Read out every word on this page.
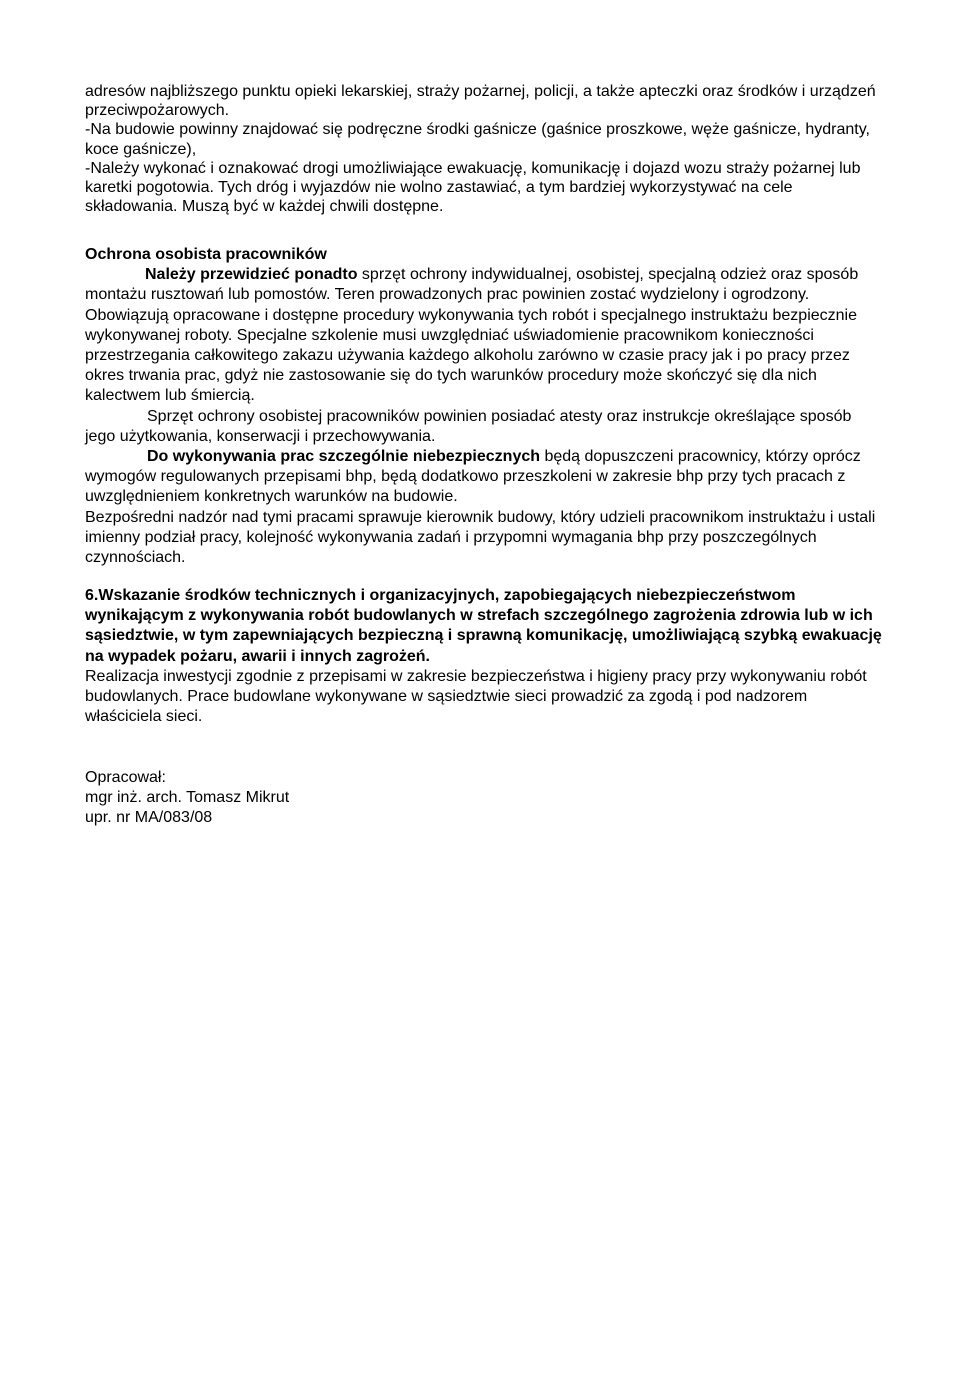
adresów najbliższego punktu opieki lekarskiej, straży pożarnej, policji, a także apteczki oraz środków i urządzeń przeciwpożarowych.

-Na budowie powinny znajdować się podręczne środki gaśnicze (gaśnice proszkowe, węże gaśnicze, hydranty, koce gaśnicze),

-Należy wykonać i oznakować drogi umożliwiające ewakuację, komunikację i dojazd wozu straży pożarnej lub karetki pogotowia. Tych dróg i wyjazdów nie wolno zastawiać, a tym bardziej wykorzystywać na cele składowania. Muszą być w każdej chwili dostępne.

Ochrona osobista pracowników

Należy przewidzieć ponadto sprzęt ochrony indywidualnej, osobistej, specjalną odzież oraz sposób montażu rusztowań lub pomostów. Teren prowadzonych prac powinien zostać wydzielony i ogrodzony. Obowiązują opracowane i dostępne procedury wykonywania tych robót i specjalnego instruktażu bezpiecznie wykonywanej roboty. Specjalne szkolenie musi uwzględniać uświadomienie pracownikom konieczności przestrzegania całkowitego zakazu używania każdego alkoholu zarówno w czasie pracy jak i po pracy przez okres trwania prac, gdyż nie zastosowanie się do tych warunków procedury może skończyć się dla nich kalectwem lub śmiercią.

Sprzęt ochrony osobistej pracowników powinien posiadać atesty oraz instrukcje określające sposób jego użytkowania, konserwacji i przechowywania.

Do wykonywania prac szczególnie niebezpiecznych będą dopuszczeni pracownicy, którzy oprócz wymogów regulowanych przepisami bhp, będą dodatkowo przeszkoleni w zakresie bhp przy tych pracach z uwzględnieniem konkretnych warunków na budowie.

Bezpośredni nadzór nad tymi pracami sprawuje kierownik budowy, który udzieli pracownikom instruktażu i ustali imienny podział pracy, kolejność wykonywania zadań i przypomni wymagania bhp przy poszczególnych czynnościach.

6.Wskazanie środków technicznych i organizacyjnych, zapobiegających niebezpieczeństwom wynikającym z wykonywania robót budowlanych w strefach szczególnego zagrożenia zdrowia lub w ich sąsiedztwie, w tym zapewniających bezpieczną i sprawną komunikację, umożliwiającą szybką ewakuację na wypadek pożaru, awarii i innych zagrożeń.

Realizacja inwestycji zgodnie z przepisami w zakresie bezpieczeństwa i higieny pracy przy wykonywaniu robót budowlanych. Prace budowlane wykonywane w sąsiedztwie sieci prowadzić za zgodą i pod nadzorem właściciela sieci.

Opracował:

mgr inż. arch. Tomasz Mikrut

upr. nr MA/083/08
